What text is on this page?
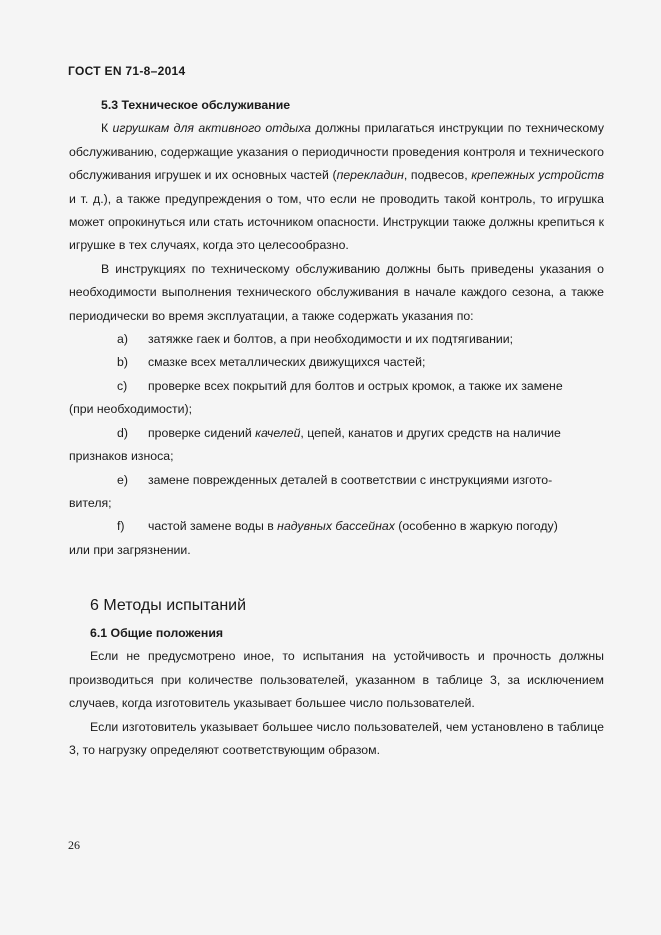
ГОСТ EN 71-8–2014

5.3 Техническое обслуживание

К игрушкам для активного отдыха должны прилагаться инструкции по техническому обслуживанию, содержащие указания о периодичности проведения контроля и технического обслуживания игрушек и их основных частей (перекладин, подвесов, крепежных устройств и т. д.), а также предупреждения о том, что если не проводить такой контроль, то игрушка может опрокинуться или стать источником опасности. Инструкции также должны крепиться к игрушке в тех случаях, когда это целесообразно.

В инструкциях по техническому обслуживанию должны быть приведены указания о необходимости выполнения технического обслуживания в начале каждого сезона, а также периодически во время эксплуатации, а также содержать указания по:

а) затяжке гаек и болтов, а при необходимости и их подтягивании;

b) смазке всех металлических движущихся частей;

c) проверке всех покрытий для болтов и острых кромок, а также их замене

(при необходимости);

d) проверке сидений качелей, цепей, канатов и других средств на наличие

признаков износа;

e) замене поврежденных деталей в соответствии с инструкциями изгото-

вителя;

f) частой замене воды в надувных бассейнах (особенно в жаркую погоду)

или при загрязнении.

6 Методы испытаний

6.1 Общие положения

Если не предусмотрено иное, то испытания на устойчивость и прочность должны производиться при количестве пользователей, указанном в таблице 3, за исключением случаев, когда изготовитель указывает большее число пользователей.

Если изготовитель указывает большее число пользователей, чем установлено в таблице 3, то нагрузку определяют соответствующим образом.

26
